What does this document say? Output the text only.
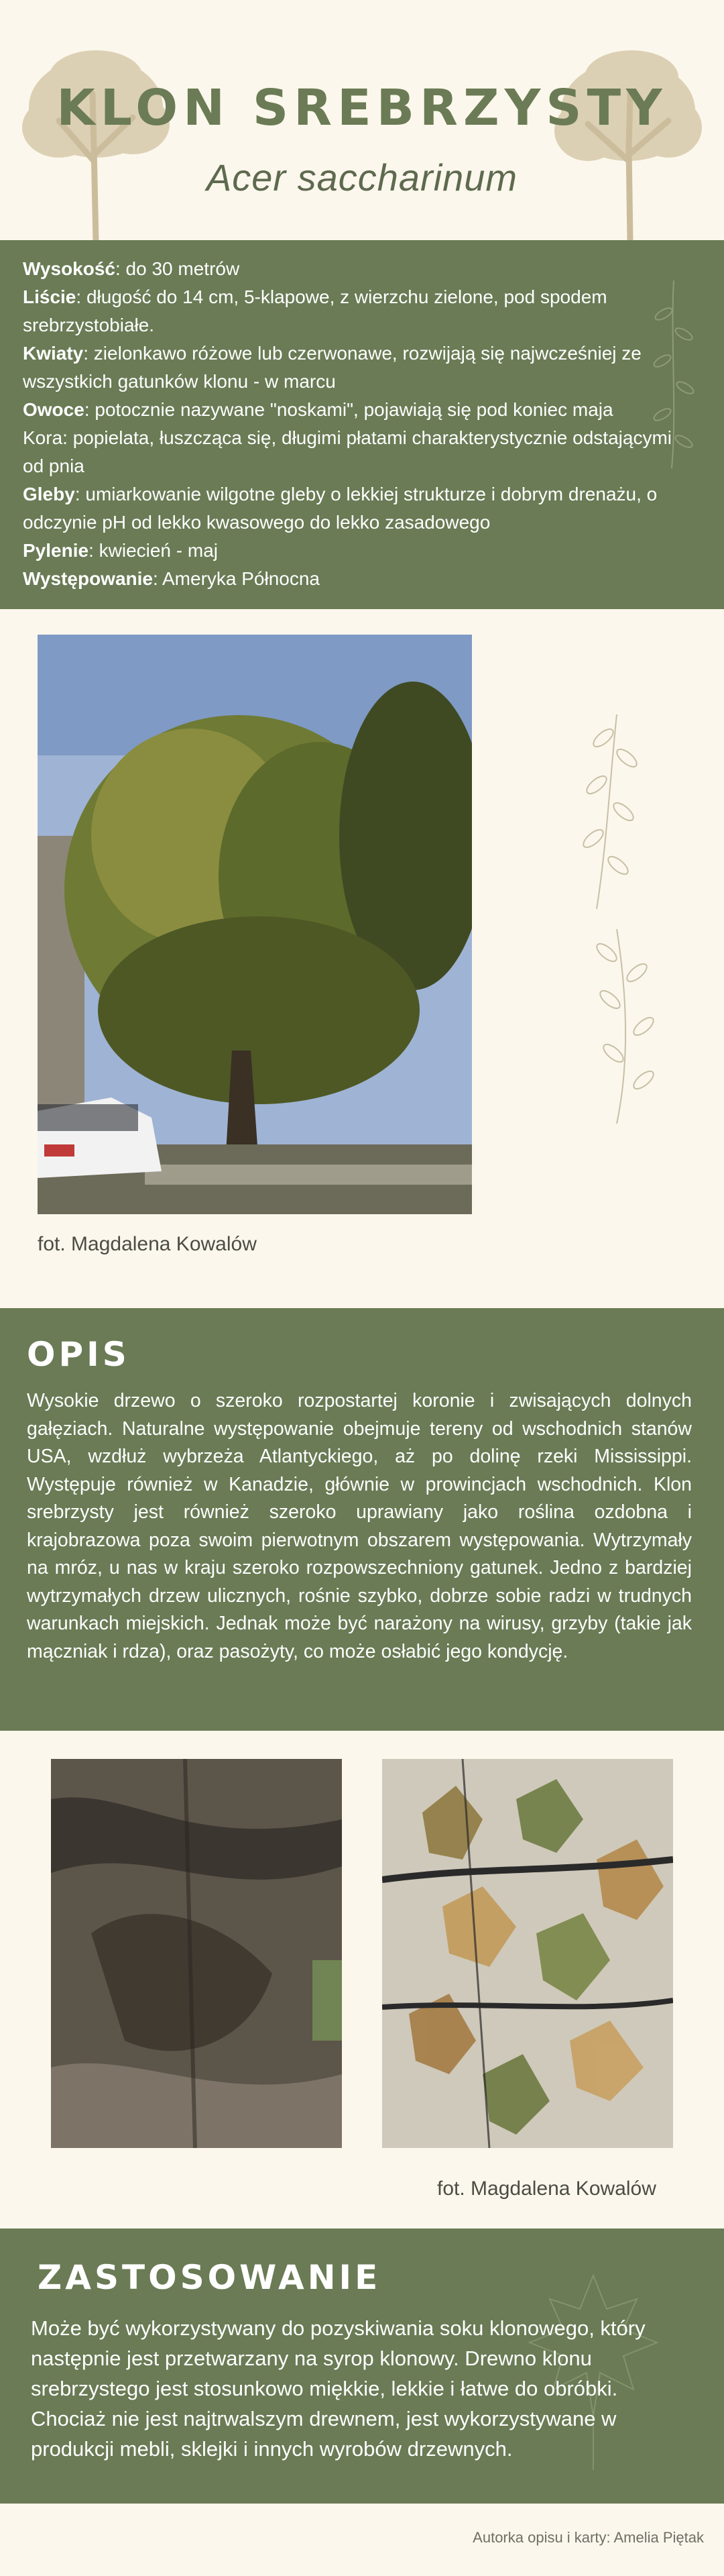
KLON SREBRZYSTY
Acer saccharinum

Wysokość: do 30 metrów

Liście: długość do 14 cm, 5-klapowe, z wierzchu zielone, pod spodem srebrzystobiałe.

Kwiaty: zielonkawo różowe lub czerwonawe, rozwijają się najwcześniej ze wszystkich gatunków klonu - w marcu

Owoce: potocznie nazywane "noskami", pojawiają się pod koniec maja

Kora: popielata, łuszcząca się, długimi płatami charakterystycznie odstającymi od pnia

Gleby: umiarkowanie wilgotne gleby o lekkiej strukturze i dobrym drenażu, o odczynie pH od lekko kwasowego do lekko zasadowego

Pylenie: kwiecień - maj

Występowanie: Ameryka Północna

fot. Magdalena Kowalów
OPIS
Wysokie drzewo o szeroko rozpostartej koronie i zwisających dolnych gałęziach. Naturalne występowanie obejmuje tereny od wschodnich stanów USA, wzdłuż wybrzeża Atlantyckiego, aż po dolinę rzeki Mississippi. Występuje również w Kanadzie, głównie w prowincjach wschodnich. Klon srebrzysty jest również szeroko uprawiany jako roślina ozdobna i krajobrazowa poza swoim pierwotnym obszarem występowania. Wytrzymały na mróz, u nas w kraju szeroko rozpowszechniony gatunek. Jedno z bardziej wytrzymałych drzew ulicznych, rośnie szybko, dobrze sobie radzi w trudnych warunkach miejskich. Jednak może być narażony na wirusy, grzyby (takie jak mączniak i rdza), oraz pasożyty, co może osłabić jego kondycję.
fot. Magdalena Kowalów
ZASTOSOWANIE
Może być wykorzystywany do pozyskiwania soku klonowego, który następnie jest przetwarzany na syrop klonowy. Drewno klonu srebrzystego jest stosunkowo miękkie, lekkie i łatwe do obróbki. Chociaż nie jest najtrwalszym drewnem, jest wykorzystywane w produkcji mebli, sklejki i innych wyrobów drzewnych.
Autorka opisu i karty: Amelia Piętak
